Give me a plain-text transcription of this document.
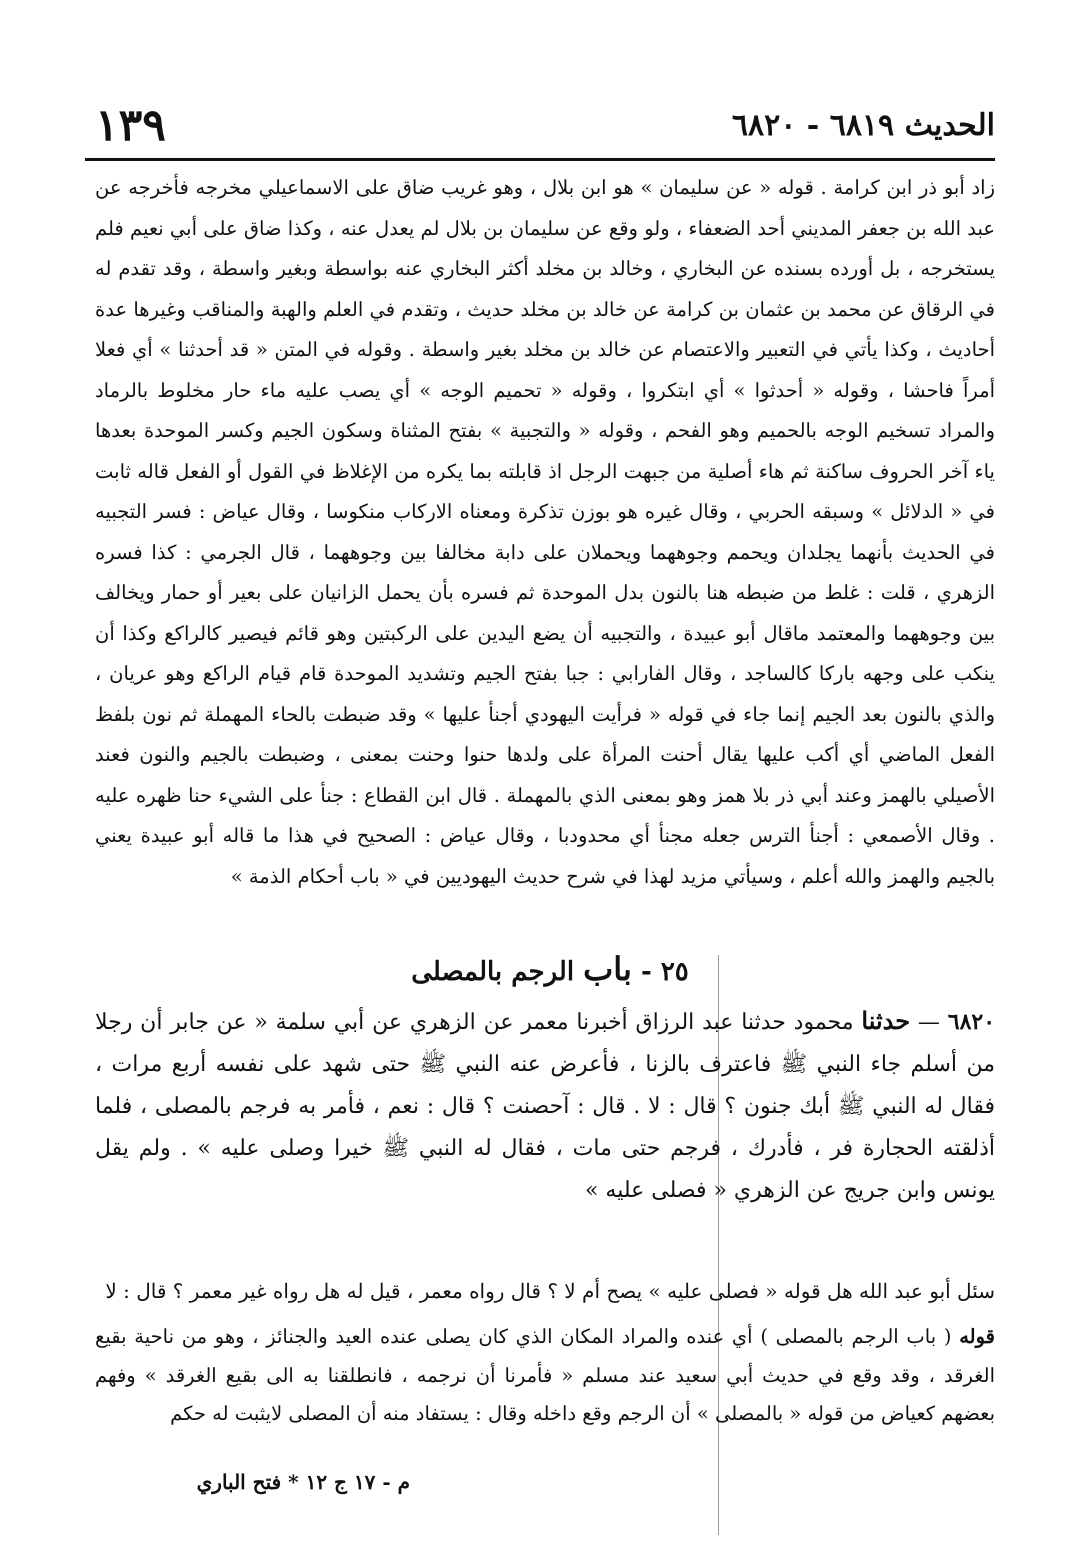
الحديث ٦٨١٩ - ٦٨٢٠
١٣٩

زاد أبو ذر ابن كرامة . قوله « عن سليمان » هو ابن بلال ، وهو غريب ضاق على الاسماعيلي مخرجه فأخرجه عن عبد الله بن جعفر المديني أحد الضعفاء ، ولو وقع عن سليمان بن بلال لم يعدل عنه ، وكذا ضاق على أبي نعيم فلم يستخرجه ، بل أورده بسنده عن البخاري ، وخالد بن مخلد أكثر البخاري عنه بواسطة وبغير واسطة ، وقد تقدم له في الرقاق عن محمد بن عثمان بن كرامة عن خالد بن مخلد حديث ، وتقدم في العلم والهبة والمناقب وغيرها عدة أحاديث ، وكذا يأتي في التعبير والاعتصام عن خالد بن مخلد بغير واسطة . وقوله في المتن « قد أحدثنا » أي فعلا أمراً فاحشا ، وقوله « أحدثوا » أي ابتكروا ، وقوله « تحميم الوجه » أي يصب عليه ماء حار مخلوط بالرماد والمراد تسخيم الوجه بالحميم وهو الفحم ، وقوله « والتجبية » بفتح المثناة وسكون الجيم وكسر الموحدة بعدها ياء آخر الحروف ساكنة ثم هاء أصلية من جبهت الرجل اذ قابلته بما يكره من الإغلاظ في القول أو الفعل قاله ثابت في « الدلائل » وسبقه الحربي ، وقال غيره هو بوزن تذكرة ومعناه الاركاب منكوسا ، وقال عياض : فسر التجبيه في الحديث بأنهما يجلدان ويحمم وجوههما ويحملان على دابة مخالفا بين وجوههما ، قال الجرمي : كذا فسره الزهري ، قلت : غلط من ضبطه هنا بالنون بدل الموحدة ثم فسره بأن يحمل الزانيان على بعير أو حمار ويخالف بين وجوههما والمعتمد ماقال أبو عبيدة ، والتجبيه أن يضع اليدين على الركبتين وهو قائم فيصير كالراكع وكذا أن ينكب على وجهه باركا كالساجد ، وقال الفارابي : جبا بفتح الجيم وتشديد الموحدة قام قيام الراكع وهو عريان ، والذي بالنون بعد الجيم إنما جاء في قوله « فرأيت اليهودي أجنأ عليها » وقد ضبطت بالحاء المهملة ثم نون بلفظ الفعل الماضي أي أكب عليها يقال أحنت المرأة على ولدها حنوا وحنت بمعنى ، وضبطت بالجيم والنون فعند الأصيلي بالهمز وعند أبي ذر بلا همز وهو بمعنى الذي بالمهملة . قال ابن القطاع : جنأ على الشيء حنا ظهره عليه . وقال الأصمعي : أجنأ الترس جعله مجنأ أي محدودبا ، وقال عياض : الصحيح في هذا ما قاله أبو عبيدة يعني بالجيم والهمز والله أعلم ، وسيأتي مزيد لهذا في شرح حديث اليهوديين في « باب أحكام الذمة »

٢٥ - باب الرجم بالمصلى

٦٨٢٠ — حدثنا محمود حدثنا عبد الرزاق أخبرنا معمر عن الزهري عن أبي سلمة « عن جابر أن رجلا من أسلم جاء النبي ﷺ فاعترف بالزنا ، فأعرض عنه النبي ﷺ حتى شهد على نفسه أربع مرات ، فقال له النبي ﷺ أبك جنون ؟ قال : لا . قال : آحصنت ؟ قال : نعم ، فأمر به فرجم بالمصلى ، فلما أذلقته الحجارة فر ، فأدرك ، فرجم حتى مات ، فقال له النبي ﷺ خيرا وصلى عليه » . ولم يقل يونس وابن جريج عن الزهري « فصلى عليه »

سئل أبو عبد الله هل قوله « فصلى عليه » يصح أم لا ؟ قال رواه معمر ، قيل له هل رواه غير معمر ؟ قال : لا

قوله ( باب الرجم بالمصلى ) أي عنده والمراد المكان الذي كان يصلى عنده العيد والجنائز ، وهو من ناحية بقيع الغرقد ، وقد وقع في حديث أبي سعيد عند مسلم « فأمرنا أن نرجمه ، فانطلقنا به الى بقيع الغرقد » وفهم بعضهم كعياض من قوله « بالمصلى » أن الرجم وقع داخله وقال : يستفاد منه أن المصلى لايثبت له حكم

م - ١٧ ج ١٢ * فتح الباري
